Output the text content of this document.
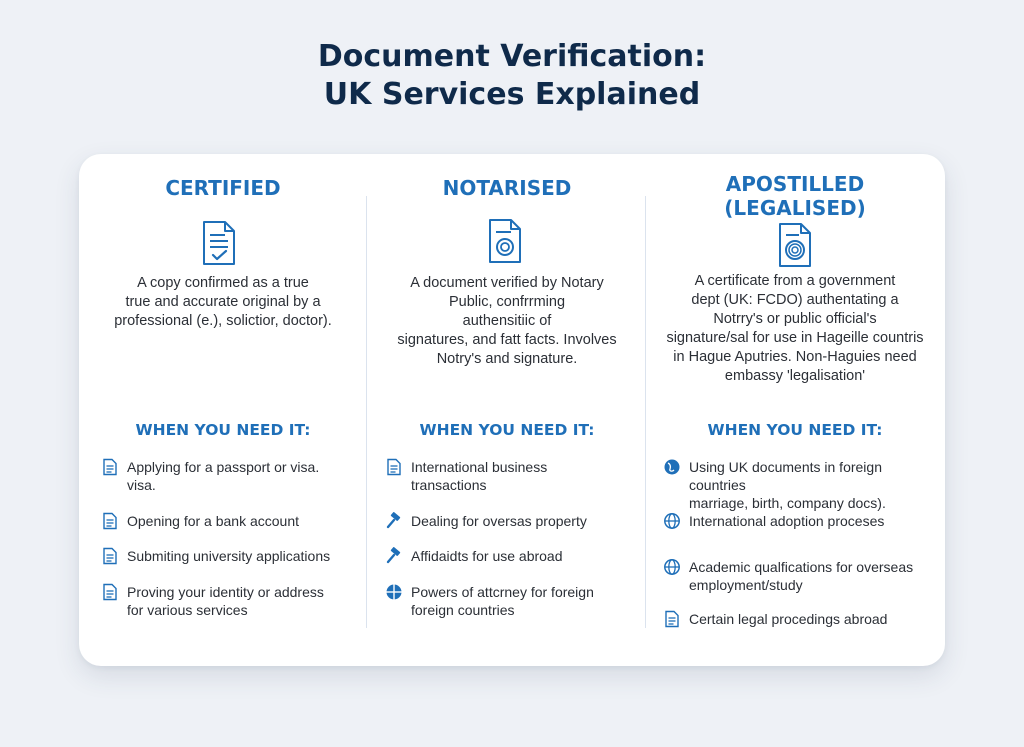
Document Verification:
UK Services Explained
CERTIFIED
A copy confirmed as a true
true and accurate original by a
professional (e.), solictior, doctor).
WHEN YOU NEED IT:
Applying for a passport or visa.
visa.
Opening for a bank account
Submiting university applications
Proving your identity or address
for various services
NOTARISED
A document verified by Notary
Public, confrrming
authensitiic of
signatures, and fatt facts. Involves
Notry's and signature.
WHEN YOU NEED IT:
International business
transactions
Dealing for oversas property
Affidaidts for use abroad
Powers of attcrney for foreign
foreign countries
APOSTILLED
(LEGALISED)
A certificate from a government
dept (UK: FCDO) authentating a
Notrry's or public official's
signature/sal for use in Hageille countris
in Hague Aputries. Non-Haguies need
embassy 'legalisation'
WHEN YOU NEED IT:
Using UK documents in foreign countries
marriage, birth, company docs).
International adoption proceses
Academic qualfications for overseas
employment/study
Certain legal procedings abroad
